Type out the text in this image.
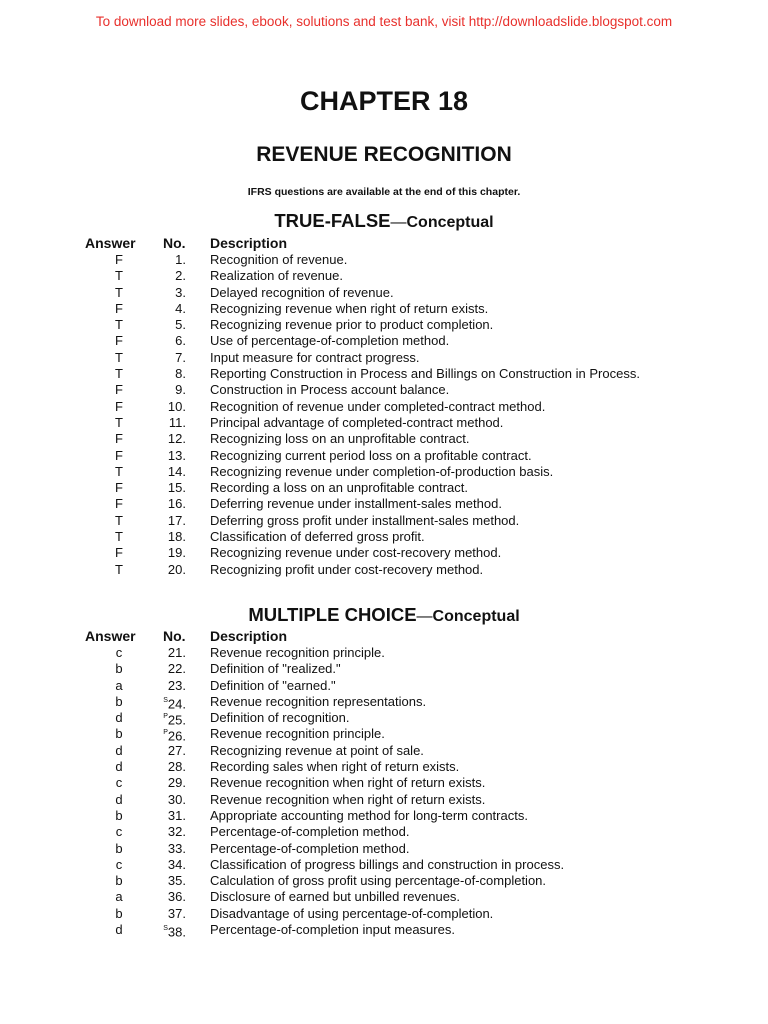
To download more slides, ebook, solutions and test bank, visit http://downloadslide.blogspot.com
CHAPTER 18
REVENUE RECOGNITION
IFRS questions are available at the end of this chapter.
TRUE-FALSE—Conceptual
Answer No. Description
F	1. Recognition of revenue.
T	2. Realization of revenue.
T	3. Delayed recognition of revenue.
F	4. Recognizing revenue when right of return exists.
T	5. Recognizing revenue prior to product completion.
F	6. Use of percentage-of-completion method.
T	7. Input measure for contract progress.
T	8. Reporting Construction in Process and Billings on Construction in Process.
F	9. Construction in Process account balance.
F	10. Recognition of revenue under completed-contract method.
T	11. Principal advantage of completed-contract method.
F	12. Recognizing loss on an unprofitable contract.
F	13. Recognizing current period loss on a profitable contract.
T	14. Recognizing revenue under completion-of-production basis.
F	15. Recording a loss on an unprofitable contract.
F	16. Deferring revenue under installment-sales method.
T	17. Deferring gross profit under installment-sales method.
T	18. Classification of deferred gross profit.
F	19. Recognizing revenue under cost-recovery method.
T	20. Recognizing profit under cost-recovery method.
MULTIPLE CHOICE—Conceptual
Answer No. Description
c	21. Revenue recognition principle.
b	22. Definition of "realized."
a	23. Definition of "earned."
b	$^S$24. Revenue recognition representations.
d	$^P$25. Definition of recognition.
b	$^P$26. Revenue recognition principle.
d	27. Recognizing revenue at point of sale.
d	28. Recording sales when right of return exists.
c	29. Revenue recognition when right of return exists.
d	30. Revenue recognition when right of return exists.
b	31. Appropriate accounting method for long-term contracts.
c	32. Percentage-of-completion method.
b	33. Percentage-of-completion method.
c	34. Classification of progress billings and construction in process.
b	35. Calculation of gross profit using percentage-of-completion.
a	36. Disclosure of earned but unbilled revenues.
b	37. Disadvantage of using percentage-of-completion.
d	$^S$38. Percentage-of-completion input measures.
